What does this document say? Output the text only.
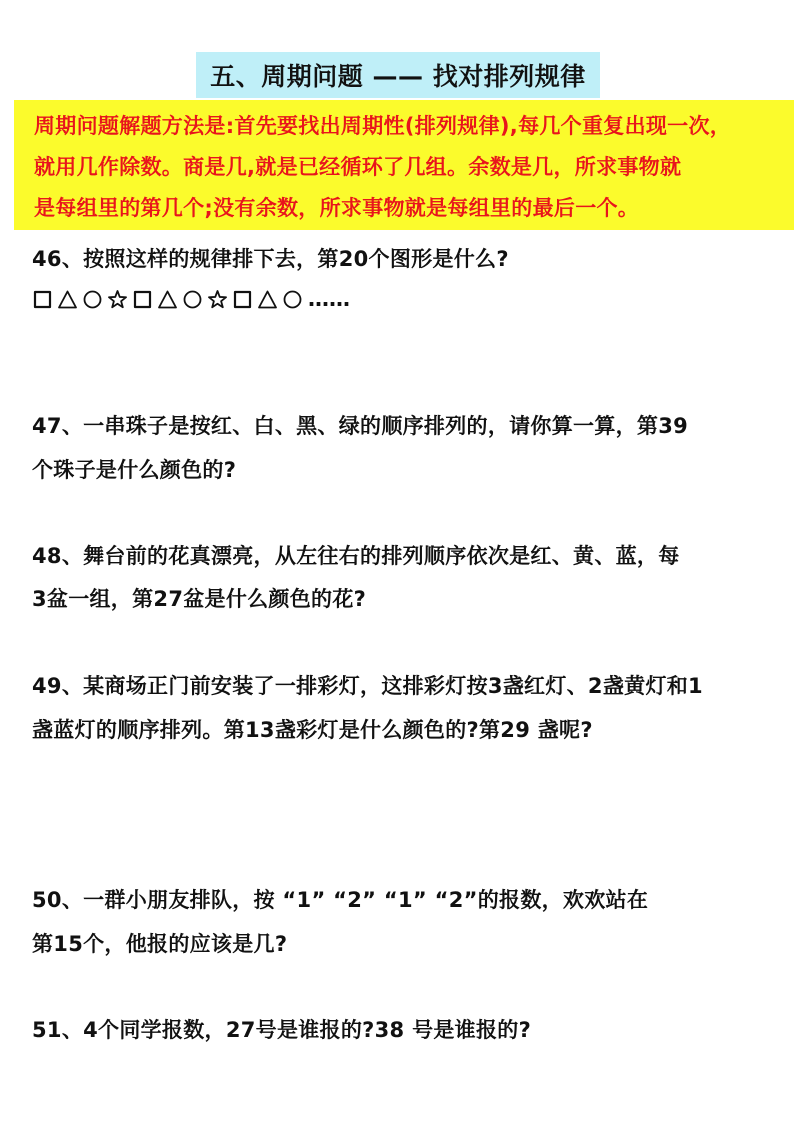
五、周期问题 —— 找对排列规律
周期问题解题方法是:首先要找出周期性(排列规律),每几个重复出现一次，
就用几作除数。商是几,就是已经循环了几组。余数是几，所求事物就
是每组里的第几个;没有余数，所求事物就是每组里的最后一个。
46、按照这样的规律排下去，第20个图形是什么?
……
47、一串珠子是按红、白、黑、绿的顺序排列的，请你算一算，第39
个珠子是什么颜色的?
48、舞台前的花真漂亮，从左往右的排列顺序依次是红、黄、蓝，每
3盆一组，第27盆是什么颜色的花?
49、某商场正门前安装了一排彩灯，这排彩灯按3盏红灯、2盏黄灯和1
盏蓝灯的顺序排列。第13盏彩灯是什么颜色的?第29 盏呢?
50、一群小朋友排队，按 “1” “2” “1” “2”的报数，欢欢站在
第15个，他报的应该是几?
51、4个同学报数，27号是谁报的?38 号是谁报的?
